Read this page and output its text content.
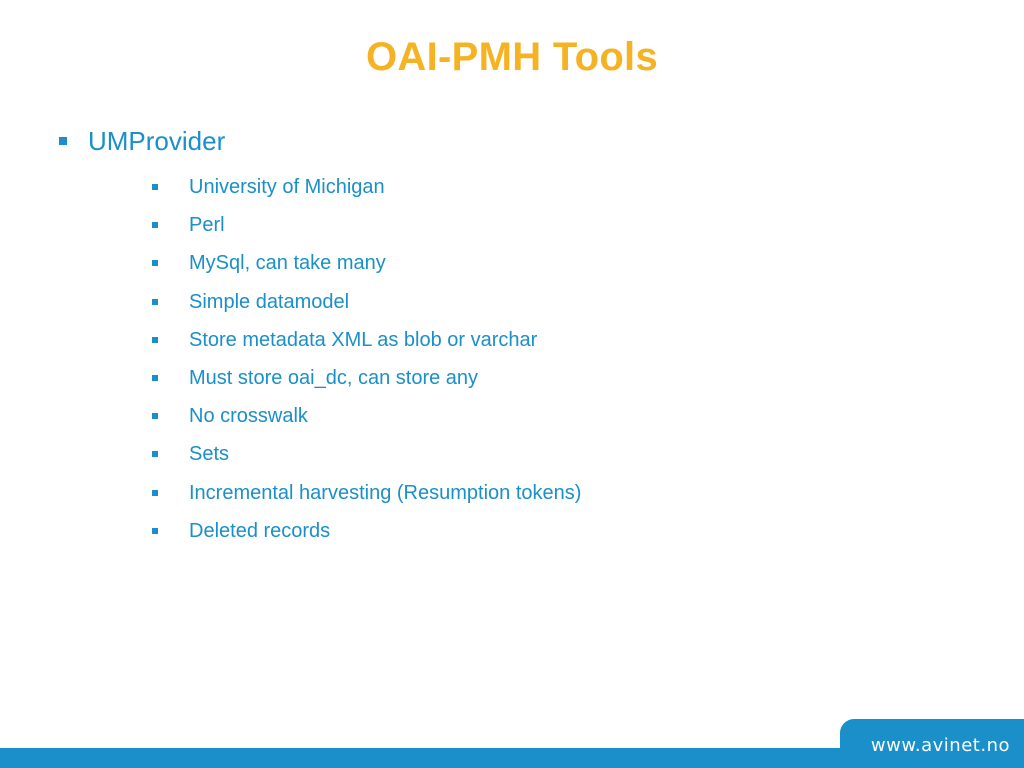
OAI-PMH Tools
UMProvider
University of Michigan
Perl
MySql, can take many
Simple datamodel
Store metadata XML as blob or varchar
Must store oai_dc, can store any
No crosswalk
Sets
Incremental harvesting (Resumption tokens)
Deleted records
www.avinet.no
